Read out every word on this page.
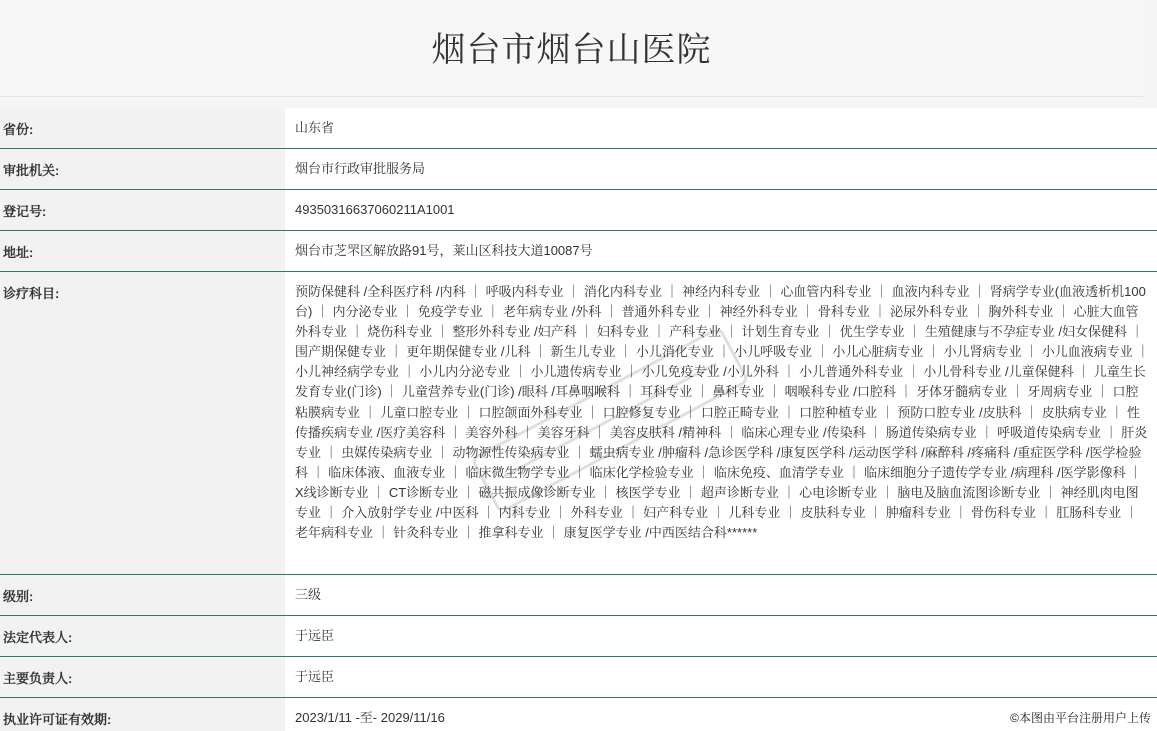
烟台市烟台山医院
省份:	山东省
审批机关:	烟台市行政审批服务局
登记号:	49350316637060211A1001
地址:	烟台市芝罘区解放路91号，莱山区科技大道10087号
诊疗科目:	预防保健科 /全科医疗科 /内科 ｜ 呼吸内科专业 ｜ 消化内科专业 ｜ 神经内科专业 ｜ 心血管内科专业 ｜ 血液内科专业 ｜ 肾病学专业(血液透析机100台) ｜ 内分泌专业 ｜ 免疫学专业 ｜ 老年病专业 /外科 ｜ 普通外科专业 ｜ 神经外科专业 ｜ 骨科专业 ｜ 泌尿外科专业 ｜ 胸外科专业 ｜ 心脏大血管外科专业 ｜ 烧伤科专业 ｜ 整形外科专业 /妇产科 ｜ 妇科专业 ｜ 产科专业 ｜ 计划生育专业 ｜ 优生学专业 ｜ 生殖健康与不孕症专业 /妇女保健科 ｜ 围产期保健专业 ｜ 更年期保健专业 /儿科 ｜ 新生儿专业 ｜ 小儿消化专业 ｜ 小儿呼吸专业 ｜ 小儿心脏病专业 ｜ 小儿肾病专业 ｜ 小儿血液病专业 ｜ 小儿神经病学专业 ｜ 小儿内分泌专业 ｜ 小儿遗传病专业 ｜ 小儿免疫专业 /小儿外科 ｜ 小儿普通外科专业 ｜ 小儿骨科专业 /儿童保健科 ｜ 儿童生长发育专业(门诊) ｜ 儿童营养专业(门诊) /眼科 /耳鼻咽喉科 ｜ 耳科专业 ｜ 鼻科专业 ｜ 咽喉科专业 /口腔科 ｜ 牙体牙髓病专业 ｜ 牙周病专业 ｜ 口腔粘膜病专业 ｜ 儿童口腔专业 ｜ 口腔颌面外科专业 ｜ 口腔修复专业 ｜ 口腔正畸专业 ｜ 口腔种植专业 ｜ 预防口腔专业 /皮肤科 ｜ 皮肤病专业 ｜ 性传播疾病专业 /医疗美容科 ｜ 美容外科 ｜ 美容牙科 ｜ 美容皮肤科 /精神科 ｜ 临床心理专业 /传染科 ｜ 肠道传染病专业 ｜ 呼吸道传染病专业 ｜ 肝炎专业 ｜ 虫媒传染病专业 ｜ 动物源性传染病专业 ｜ 蠕虫病专业 /肿瘤科 /急诊医学科 /康复医学科 /运动医学科 /麻醉科 /疼痛科 /重症医学科 /医学检验科 ｜ 临床体液、血液专业 ｜ 临床微生物学专业 ｜ 临床化学检验专业 ｜ 临床免疫、血清学专业 ｜ 临床细胞分子遗传学专业 /病理科 /医学影像科 ｜ X线诊断专业 ｜ CT诊断专业 ｜ 磁共振成像诊断专业 ｜ 核医学专业 ｜ 超声诊断专业 ｜ 心电诊断专业 ｜ 脑电及脑血流图诊断专业 ｜ 神经肌肉电图专业 ｜ 介入放射学专业 /中医科 ｜ 内科专业 ｜ 外科专业 ｜ 妇产科专业 ｜ 儿科专业 ｜ 皮肤科专业 ｜ 肿瘤科专业 ｜ 骨伤科专业 ｜ 肛肠科专业 ｜ 老年病科专业 ｜ 针灸科专业 ｜ 推拿科专业 ｜ 康复医学专业 /中西医结合科******
级别:	三级
法定代表人:	于远臣
主要负责人:	于远臣
执业许可证有效期:	2023/1/11 -至- 2029/11/16	©本图由平台注册用户上传
